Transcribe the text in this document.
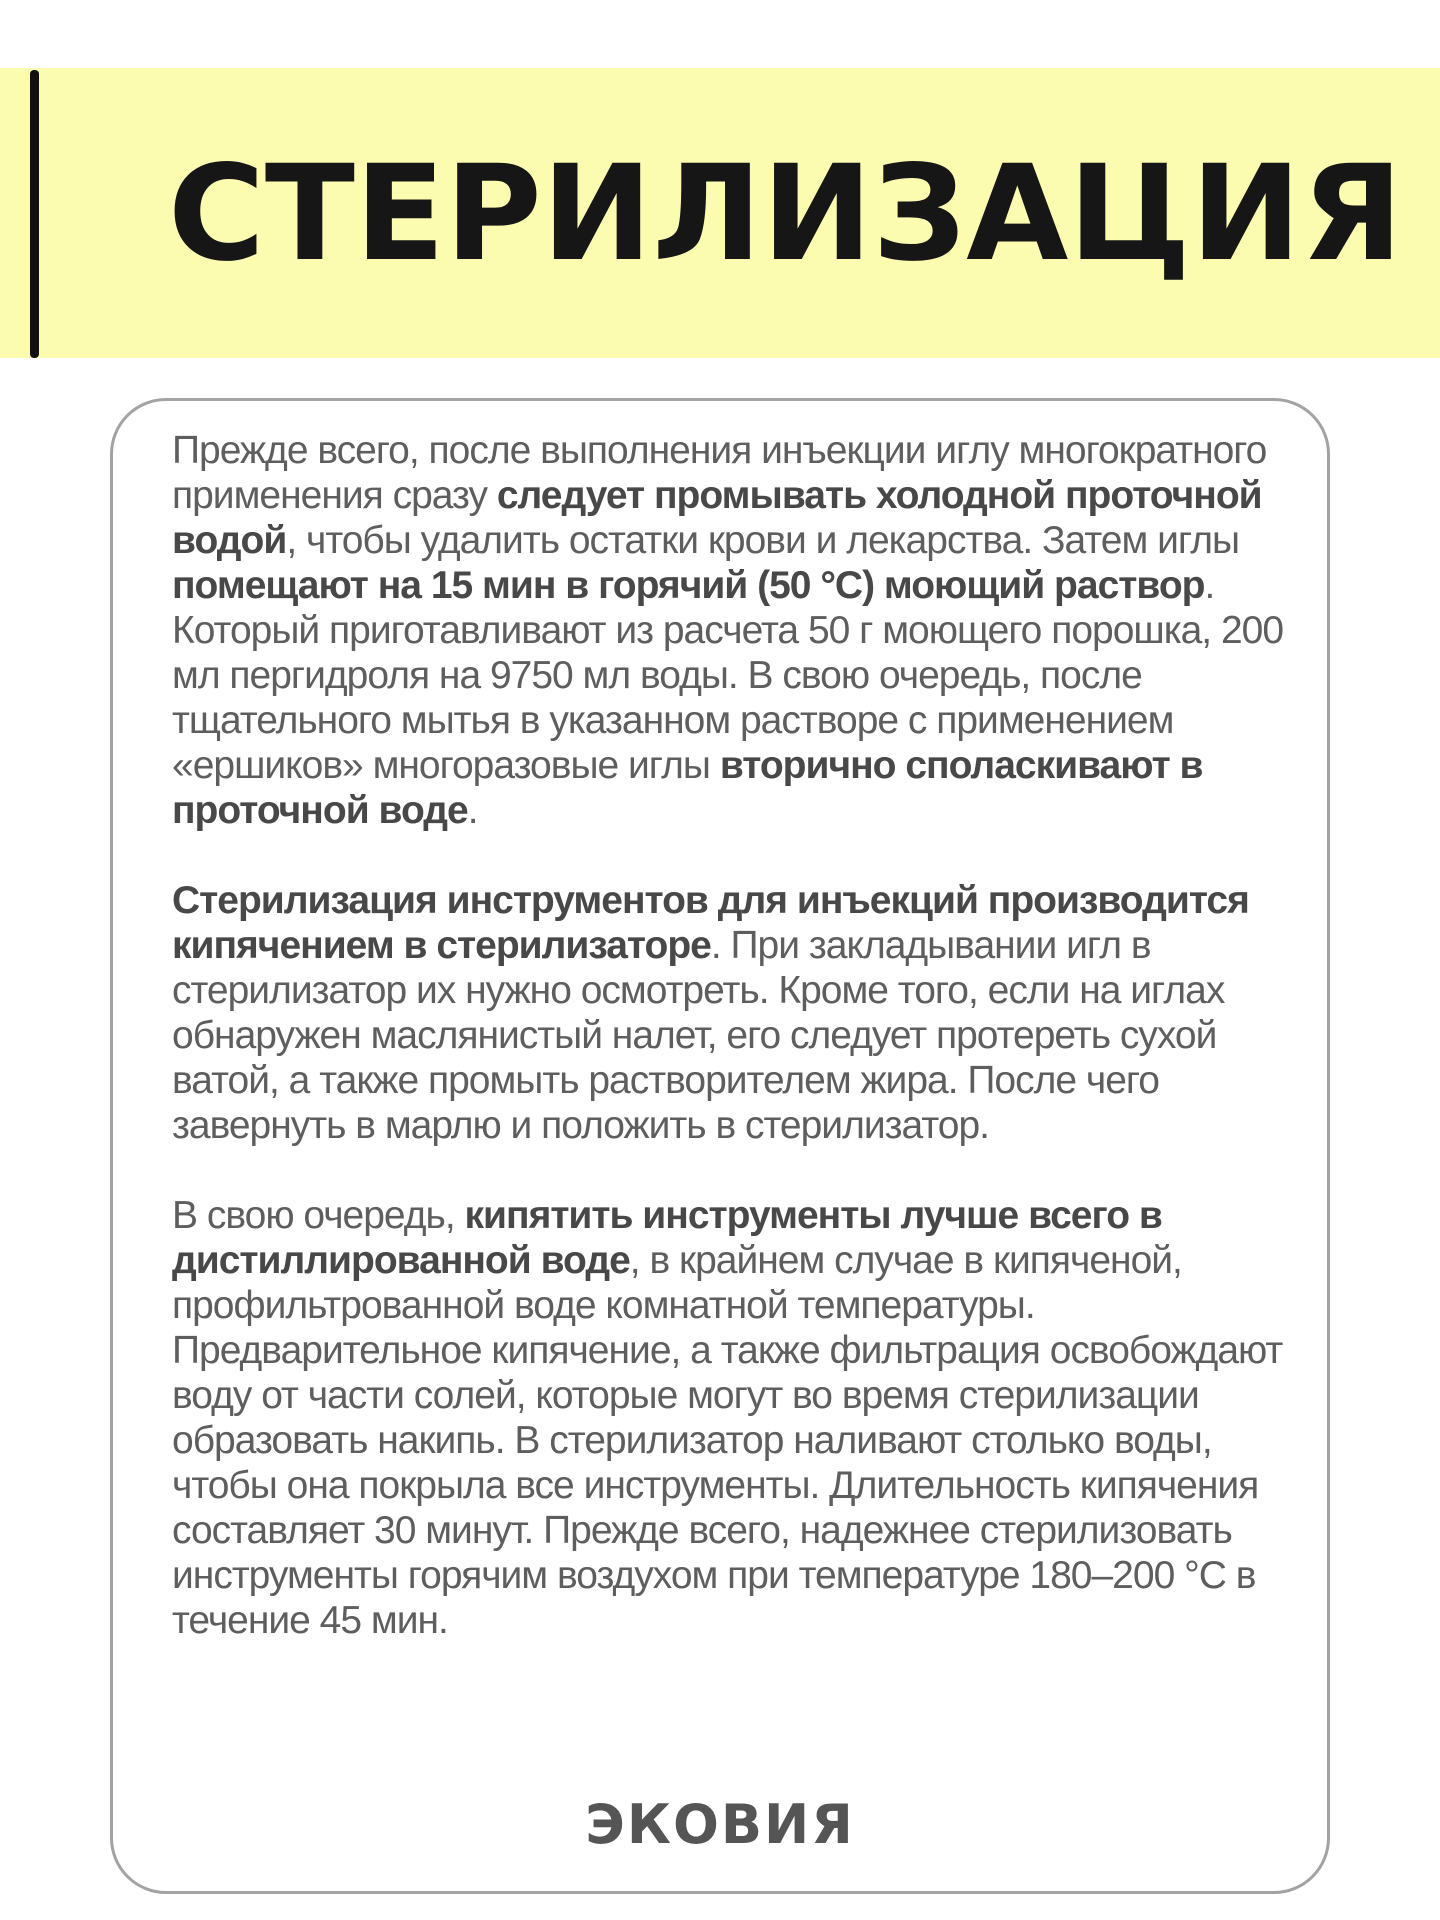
СТЕРИЛИЗАЦИЯ

Прежде всего, после выполнения инъекции иглу многократного применения сразу следует промывать холодной проточной водой, чтобы удалить остатки крови и лекарства. Затем иглы помещают на 15 мин в горячий (50 °C) моющий раствор. Который приготавливают из расчета 50 г моющего порошка, 200 мл пергидроля на 9750 мл воды. В свою очередь, после тщательного мытья в указанном растворе с применением «ершиков» многоразовые иглы вторично споласкивают в проточной воде.

Стерилизация инструментов для инъекций производится кипячением в стерилизаторе. При закладывании игл в стерилизатор их нужно осмотреть. Кроме того, если на иглах обнаружен маслянистый налет, его следует протереть сухой ватой, а также промыть растворителем жира. После чего завернуть в марлю и положить в стерилизатор.

В свою очередь, кипятить инструменты лучше всего в дистиллированной воде, в крайнем случае в кипяченой, профильтрованной воде комнатной температуры. Предварительное кипячение, а также фильтрация освобождают воду от части солей, которые могут во время стерилизации образовать накипь. В стерилизатор наливают столько воды, чтобы она покрыла все инструменты. Длительность кипячения составляет 30 минут. Прежде всего, надежнее стерилизовать инструменты горячим воздухом при температуре 180–200 °C в течение 45 мин.

ЭКОВИЯ
